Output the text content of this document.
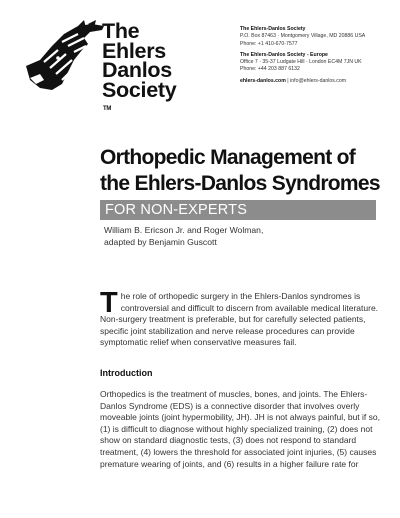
The
Ehlers
Danlos
Society
TM
The Ehlers-Danlos Society
P.O. Box 87463 · Montgomery Village, MD 20886 USA
Phone: +1 410-670-7577
The Ehlers-Danlos Society - Europe
Office 7 · 35-37 Ludgate Hill · London EC4M 7JN UK
Phone: +44 203 887 6132
ehlers-danlos.com | info@ehlers-danlos.com
Orthopedic Management of
the Ehlers-Danlos Syndromes
FOR NON-EXPERTS
William B. Ericson Jr. and Roger Wolman,
adapted by Benjamin Guscott
The role of orthopedic surgery in the Ehlers-Danlos syndromes is controversial and difficult to discern from available medical literature. Non-surgery treatment is preferable, but for carefully selected patients, specific joint stabilization and nerve release procedures can provide symptomatic relief when conservative measures fail.
Introduction
Orthopedics is the treatment of muscles, bones, and joints. The Ehlers-Danlos Syndrome (EDS) is a connective disorder that involves overly moveable joints (joint hypermobility, JH). JH is not always painful, but if so, (1) is difficult to diagnose without highly specialized training, (2) does not show on standard diagnostic tests, (3) does not respond to standard treatment, (4) lowers the threshold for associated joint injuries, (5) causes premature wearing of joints, and (6) results in a higher failure rate for
